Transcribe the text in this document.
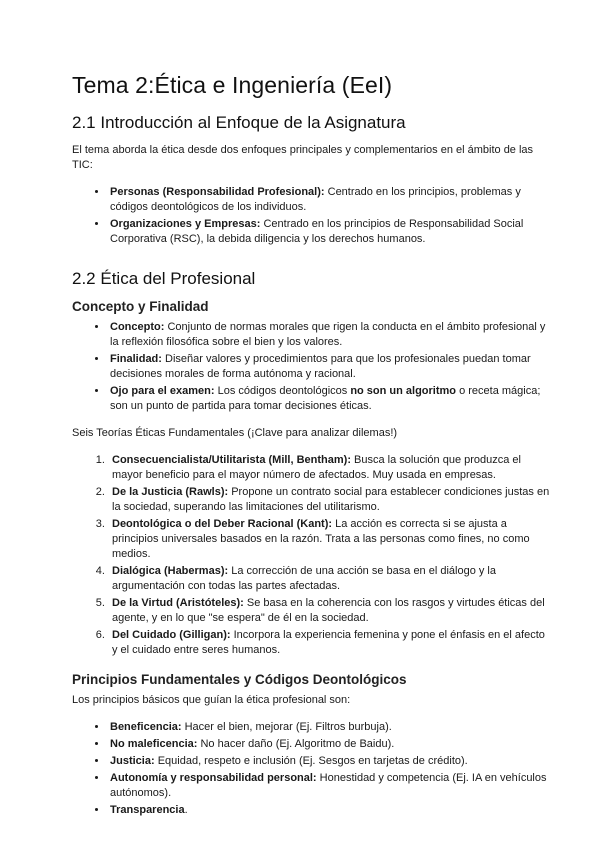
Tema 2:Ética e Ingeniería (EeI)
2.1 Introducción al Enfoque de la Asignatura

El tema aborda la ética desde dos enfoques principales y complementarios en el ámbito de las TIC:

• Personas (Responsabilidad Profesional): Centrado en los principios, problemas y códigos deontológicos de los individuos.
• Organizaciones y Empresas: Centrado en los principios de Responsabilidad Social Corporativa (RSC), la debida diligencia y los derechos humanos.
2.2 Ética del Profesional
Concepto y Finalidad
• Concepto: Conjunto de normas morales que rigen la conducta en el ámbito profesional y la reflexión filosófica sobre el bien y los valores.
• Finalidad: Diseñar valores y procedimientos para que los profesionales puedan tomar decisiones morales de forma autónoma y racional.
• Ojo para el examen: Los códigos deontológicos no son un algoritmo o receta mágica; son un punto de partida para tomar decisiones éticas.

Seis Teorías Éticas Fundamentales (¡Clave para analizar dilemas!)

1. Consecuencialista/Utilitarista (Mill, Bentham): Busca la solución que produzca el mayor beneficio para el mayor número de afectados. Muy usada en empresas.
2. De la Justicia (Rawls): Propone un contrato social para establecer condiciones justas en la sociedad, superando las limitaciones del utilitarismo.
3. Deontológica o del Deber Racional (Kant): La acción es correcta si se ajusta a principios universales basados en la razón. Trata a las personas como fines, no como medios.
4. Dialógica (Habermas): La corrección de una acción se basa en el diálogo y la argumentación con todas las partes afectadas.
5. De la Virtud (Aristóteles): Se basa en la coherencia con los rasgos y virtudes éticas del agente, y en lo que "se espera" de él en la sociedad.
6. Del Cuidado (Gilligan): Incorpora la experiencia femenina y pone el énfasis en el afecto y el cuidado entre seres humanos.
Principios Fundamentales y Códigos Deontológicos

Los principios básicos que guían la ética profesional son:

• Beneficencia: Hacer el bien, mejorar (Ej. Filtros burbuja).
• No maleficencia: No hacer daño (Ej. Algoritmo de Baidu).
• Justicia: Equidad, respeto e inclusión (Ej. Sesgos en tarjetas de crédito).
• Autonomía y responsabilidad personal: Honestidad y competencia (Ej. IA en vehículos autónomos).
• Transparencia.
